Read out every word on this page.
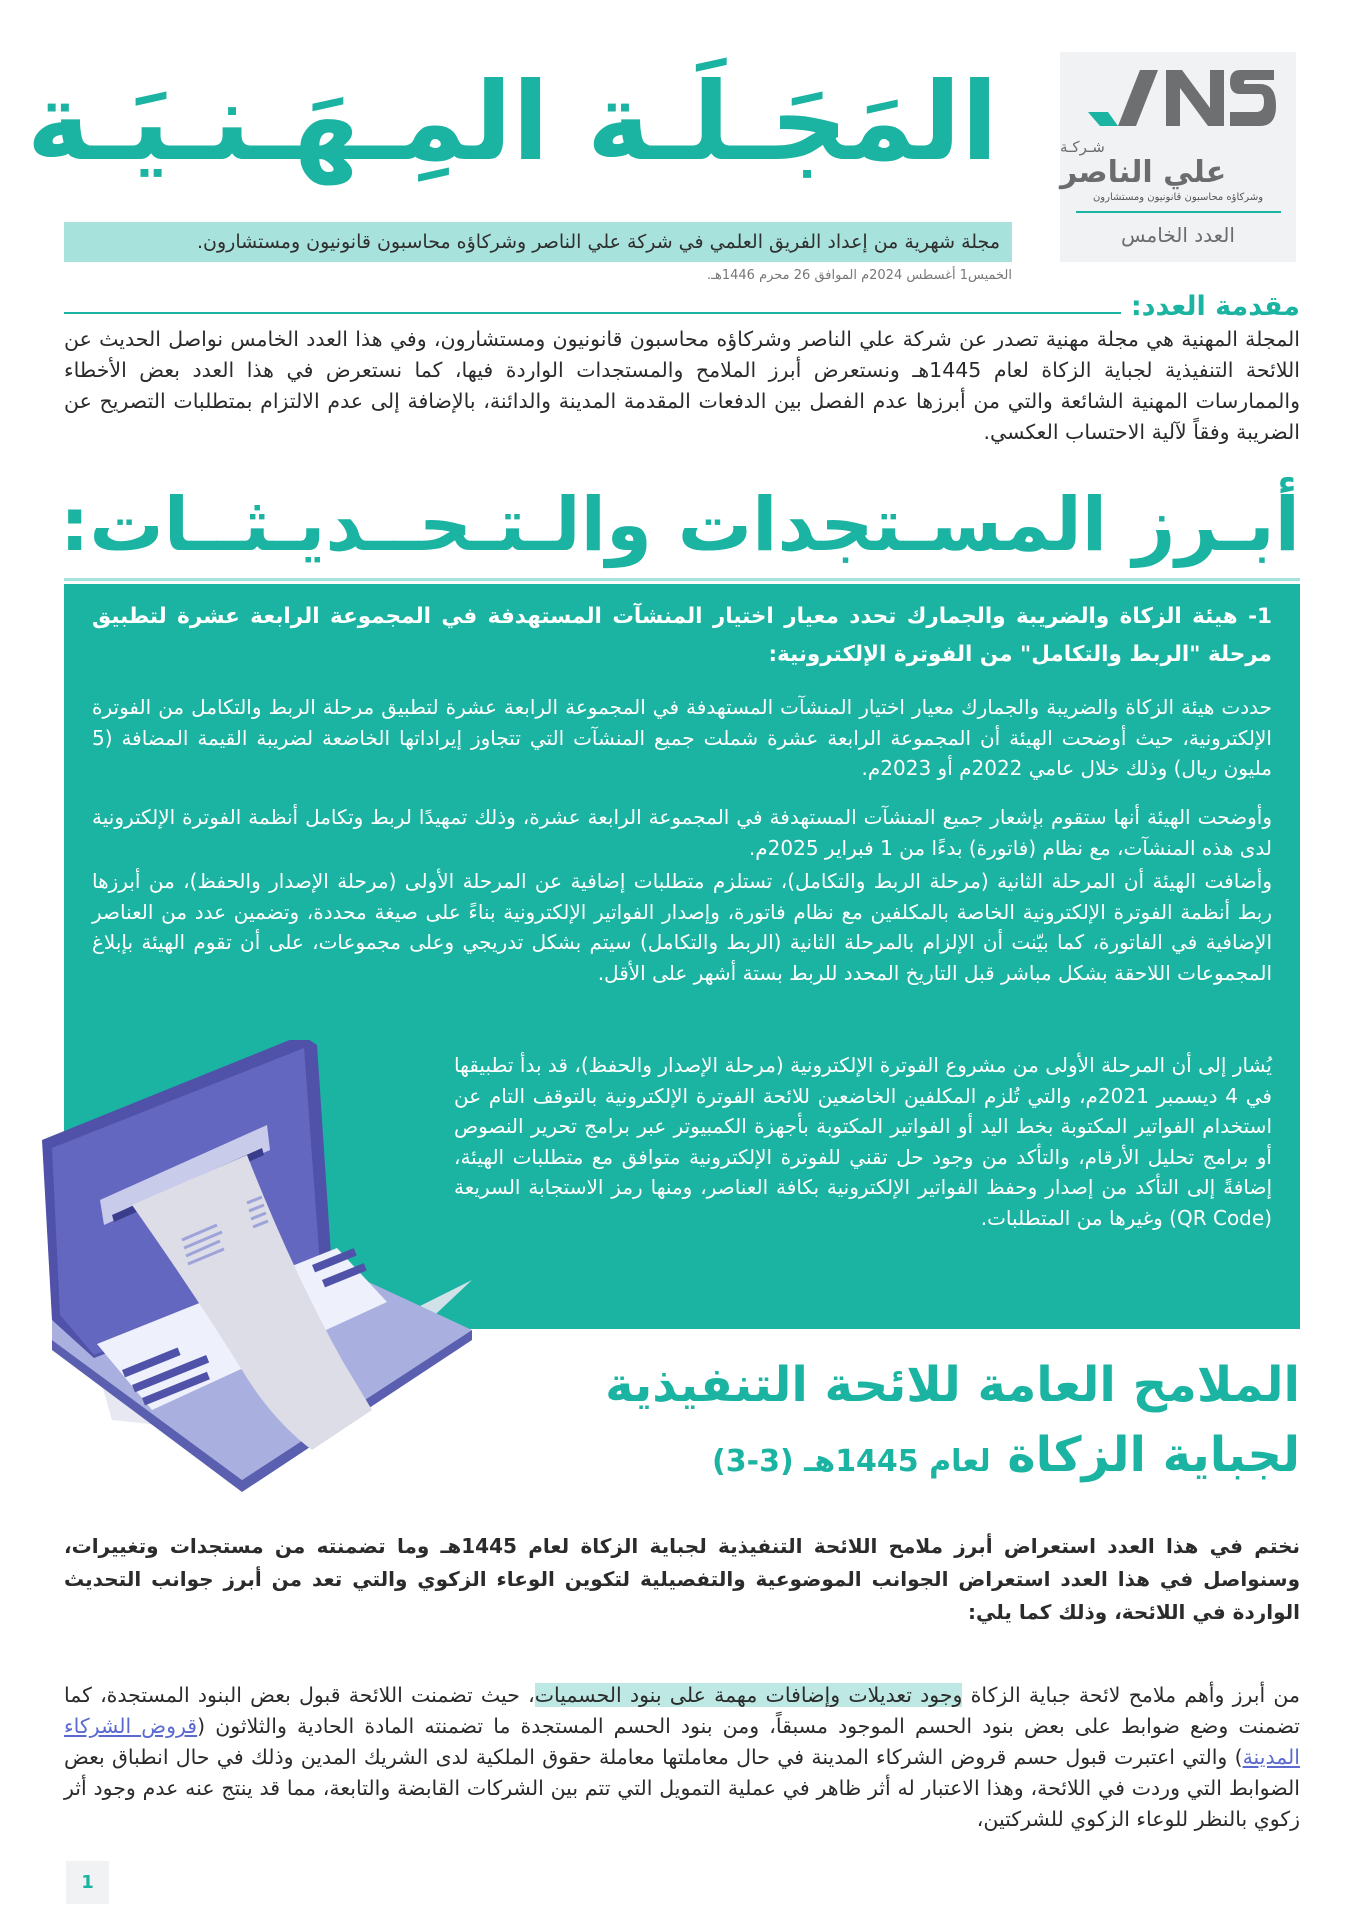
شـركـة
علي الناصر
وشركاؤه محاسبون قانونيون ومستشارون
العدد الخامس
المَجَـلَـة المِـهَـنـيَـة
مجلة شهرية من إعداد الفريق العلمي في شركة علي الناصر وشركاؤه محاسبون قانونيون ومستشارون.
الخميس1 أغسطس 2024م الموافق 26 محرم 1446هـ.
مقدمة العدد:

المجلة المهنية هي مجلة مهنية تصدر عن شركة علي الناصر وشركاؤه محاسبون قانونيون ومستشارون، وفي هذا العدد الخامس نواصل الحديث عن اللائحة التنفيذية لجباية الزكاة لعام 1445هـ ونستعرض أبرز الملامح والمستجدات الواردة فيها، كما نستعرض في هذا العدد بعض الأخطاء والممارسات المهنية الشائعة والتي من أبرزها عدم الفصل بين الدفعات المقدمة المدينة والدائنة، بالإضافة إلى عدم الالتزام بمتطلبات التصريح عن الضريبة وفقاً لآلية الاحتساب العكسي.

أبـرز المسـتجدات والـتـحــديـثــات:
1- هيئة الزكاة والضريبة والجمارك تحدد معيار اختيار المنشآت المستهدفة في المجموعة الرابعة عشرة لتطبيق مرحلة "الربط والتكامل" من الفوترة الإلكترونية:

حددت هيئة الزكاة والضريبة والجمارك معيار اختيار المنشآت المستهدفة في المجموعة الرابعة عشرة لتطبيق مرحلة الربط والتكامل من الفوترة الإلكترونية، حيث أوضحت الهيئة أن المجموعة الرابعة عشرة شملت جميع المنشآت التي تتجاوز إيراداتها الخاضعة لضريبة القيمة المضافة (5 مليون ريال) وذلك خلال عامي 2022م أو 2023م.

وأوضحت الهيئة أنها ستقوم بإشعار جميع المنشآت المستهدفة في المجموعة الرابعة عشرة، وذلك تمهيدًا لربط وتكامل أنظمة الفوترة الإلكترونية لدى هذه المنشآت، مع نظام (فاتورة) بدءًا من 1 فبراير 2025م.

وأضافت الهيئة أن المرحلة الثانية (مرحلة الربط والتكامل)، تستلزم متطلبات إضافية عن المرحلة الأولى (مرحلة الإصدار والحفظ)، من أبرزها ربط أنظمة الفوترة الإلكترونية الخاصة بالمكلفين مع نظام فاتورة، وإصدار الفواتير الإلكترونية بناءً على صيغة محددة، وتضمين عدد من العناصر الإضافية في الفاتورة، كما بيّنت أن الإلزام بالمرحلة الثانية (الربط والتكامل) سيتم بشكل تدريجي وعلى مجموعات، على أن تقوم الهيئة بإبلاغ المجموعات اللاحقة بشكل مباشر قبل التاريخ المحدد للربط بستة أشهر على الأقل.

يُشار إلى أن المرحلة الأولى من مشروع الفوترة الإلكترونية (مرحلة الإصدار والحفظ)، قد بدأ تطبيقها في 4 ديسمبر 2021م، والتي تُلزم المكلفين الخاضعين للائحة الفوترة الإلكترونية بالتوقف التام عن استخدام الفواتير المكتوبة بخط اليد أو الفواتير المكتوبة بأجهزة الكمبيوتر عبر برامج تحرير النصوص أو برامج تحليل الأرقام، والتأكد من وجود حل تقني للفوترة الإلكترونية متوافق مع متطلبات الهيئة، إضافةً إلى التأكد من إصدار وحفظ الفواتير الإلكترونية بكافة العناصر، ومنها رمز الاستجابة السريعة (QR Code) وغيرها من المتطلبات.

الملامح العامة للائحة التنفيذية
لجباية الزكاة لعام 1445هـ (3-3)

نختم في هذا العدد استعراض أبرز ملامح اللائحة التنفيذية لجباية الزكاة لعام 1445هـ وما تضمنته من مستجدات وتغييرات، وسنواصل في هذا العدد استعراض الجوانب الموضوعية والتفصيلية لتكوين الوعاء الزكوي والتي تعد من أبرز جوانب التحديث الواردة في اللائحة، وذلك كما يلي:

من أبرز وأهم ملامح لائحة جباية الزكاة وجود تعديلات وإضافات مهمة على بنود الحسميات، حيث تضمنت اللائحة قبول بعض البنود المستجدة، كما تضمنت وضع ضوابط على بعض بنود الحسم الموجود مسبقاً، ومن بنود الحسم المستجدة ما تضمنته المادة الحادية والثلاثون (قروض الشركاء المدينة) والتي اعتبرت قبول حسم قروض الشركاء المدينة في حال معاملتها معاملة حقوق الملكية لدى الشريك المدين وذلك في حال انطباق بعض الضوابط التي وردت في اللائحة، وهذا الاعتبار له أثر ظاهر في عملية التمويل التي تتم بين الشركات القابضة والتابعة، مما قد ينتج عنه عدم وجود أثر زكوي بالنظر للوعاء الزكوي للشركتين،

1
